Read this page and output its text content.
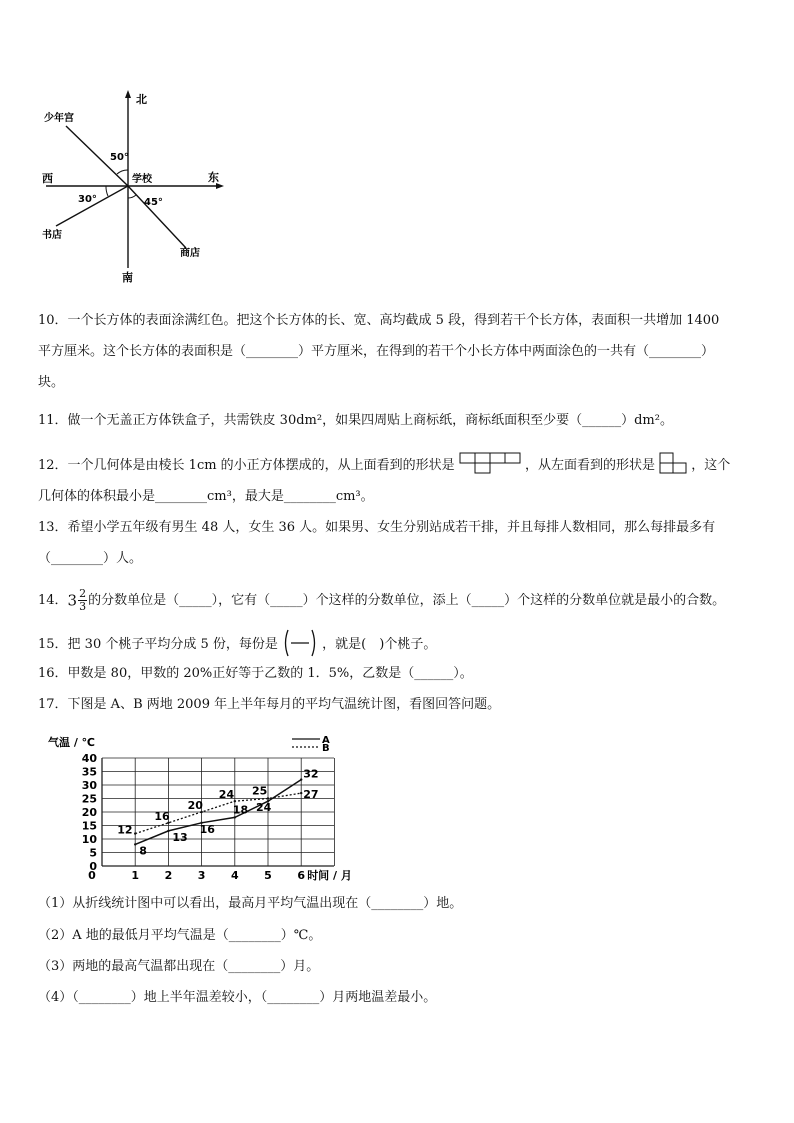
北
南
东
西	学校
少年宫
书店
商店
50°
30°	45°
10．一个长方体的表面涂满红色。把这个长方体的长、宽、高均截成 5 段，得到若干个长方体，表面积一共增加 1400
平方厘米。这个长方体的表面积是（________）平方厘米，在得到的若干个小长方体中两面涂色的一共有（________）
块。
11．做一个无盖正方体铁盒子，共需铁皮 30dm²，如果四周贴上商标纸，商标纸面积至少要（______）dm²。
12．一个几何体是由棱长 1cm 的小正方体摆成的，从上面看到的形状是	，从左面看到的形状是	，这个
几何体的体积最小是________cm³，最大是________cm³。
13．希望小学五年级有男生 48 人，女生 36 人。如果男、女生分别站成若干排，并且每排人数相同，那么每排最多有
（________）人。
14．$3 \frac{2}{3}$ 的分数单位是（_____），它有（_____）个这样的分数单位，添上（_____）个这样的分数单位就是最小的合数。
15．把 30 个桃子平均分成 5 份，每份是	，就是(　)个桃子。
16．甲数是 80，甲数的 20%正好等于乙数的 1．5%，乙数是（______）。
17．下图是 A、B 两地 2009 年上半年每月的平均气温统计图，看图回答问题。
0
5
10
15
20
25
30
35
40
0	1 2 3 4 5 6
气温 / ℃
时间 / 月
A
B
8
13
16
18 24
32
12
16
20
24 25	27
（1）从折线统计图中可以看出，最高月平均气温出现在（________）地。
（2）A 地的最低月平均气温是（________）℃。
（3）两地的最高气温都出现在（________）月。
（4）（________）地上半年温差较小，（________）月两地温差最小。
